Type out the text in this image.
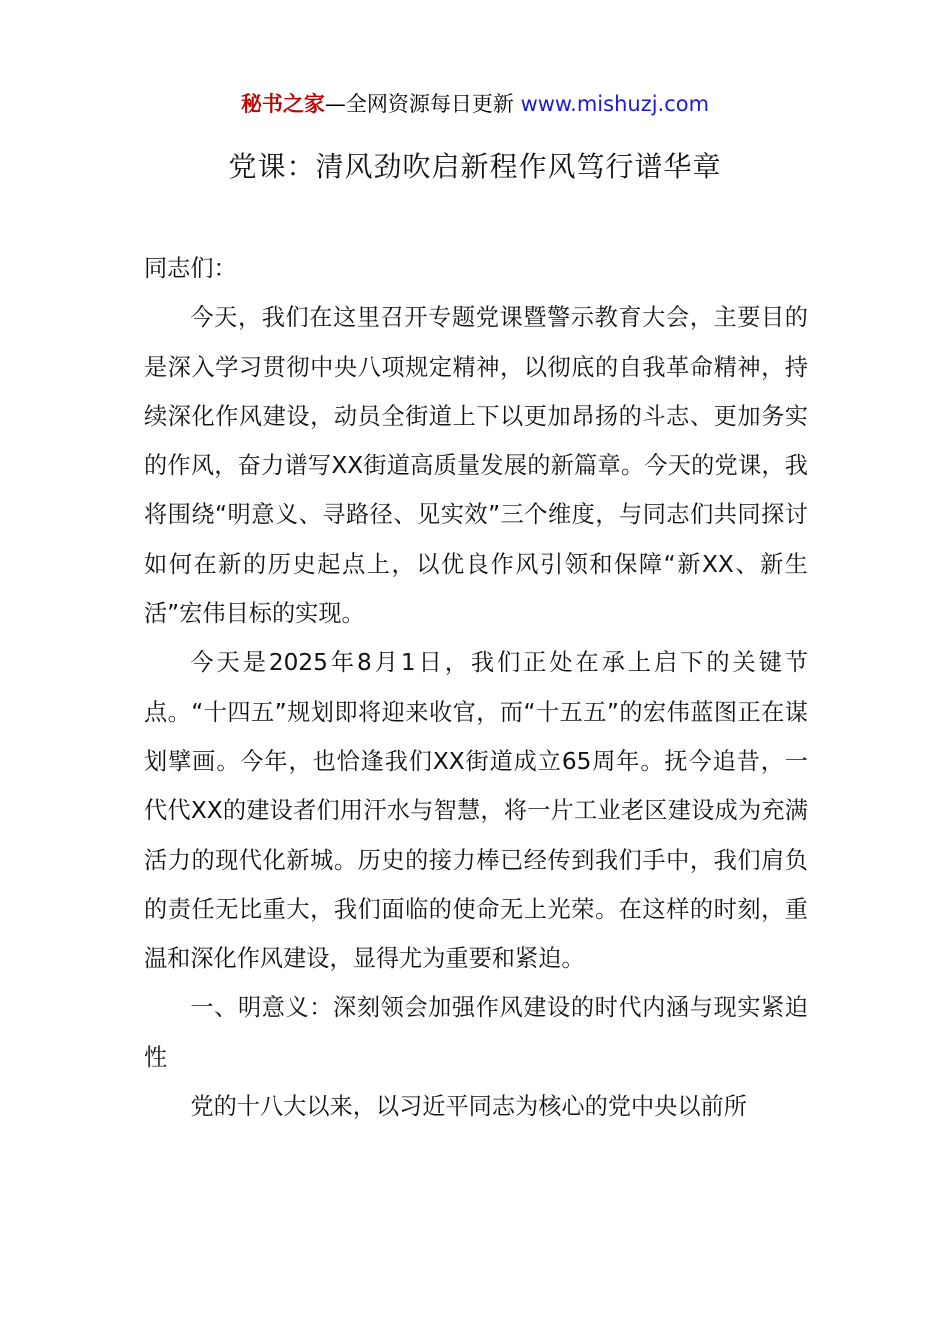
秘书之家—全网资源每日更新 www.mishuzj.com
党课：清风劲吹启新程作风笃行谱华章

同志们：

今天，我们在这里召开专题党课暨警示教育大会，主要目的是深入学习贯彻中央八项规定精神，以彻底的自我革命精神，持续深化作风建设，动员全街道上下以更加昂扬的斗志、更加务实的作风，奋力谱写XX街道高质量发展的新篇章。今天的党课，我将围绕“明意义、寻路径、见实效”三个维度，与同志们共同探讨如何在新的历史起点上，以优良作风引领和保障“新XX、新生活”宏伟目标的实现。

今天是2025年8月1日，我们正处在承上启下的关键节点。“十四五”规划即将迎来收官，而“十五五”的宏伟蓝图正在谋划擘画。今年，也恰逢我们XX街道成立65周年。抚今追昔，一代代XX的建设者们用汗水与智慧，将一片工业老区建设成为充满活力的现代化新城。历史的接力棒已经传到我们手中，我们肩负的责任无比重大，我们面临的使命无上光荣。在这样的时刻，重温和深化作风建设，显得尤为重要和紧迫。

一、明意义：深刻领会加强作风建设的时代内涵与现实紧迫性

党的十八大以来，以习近平同志为核心的党中央以前所
